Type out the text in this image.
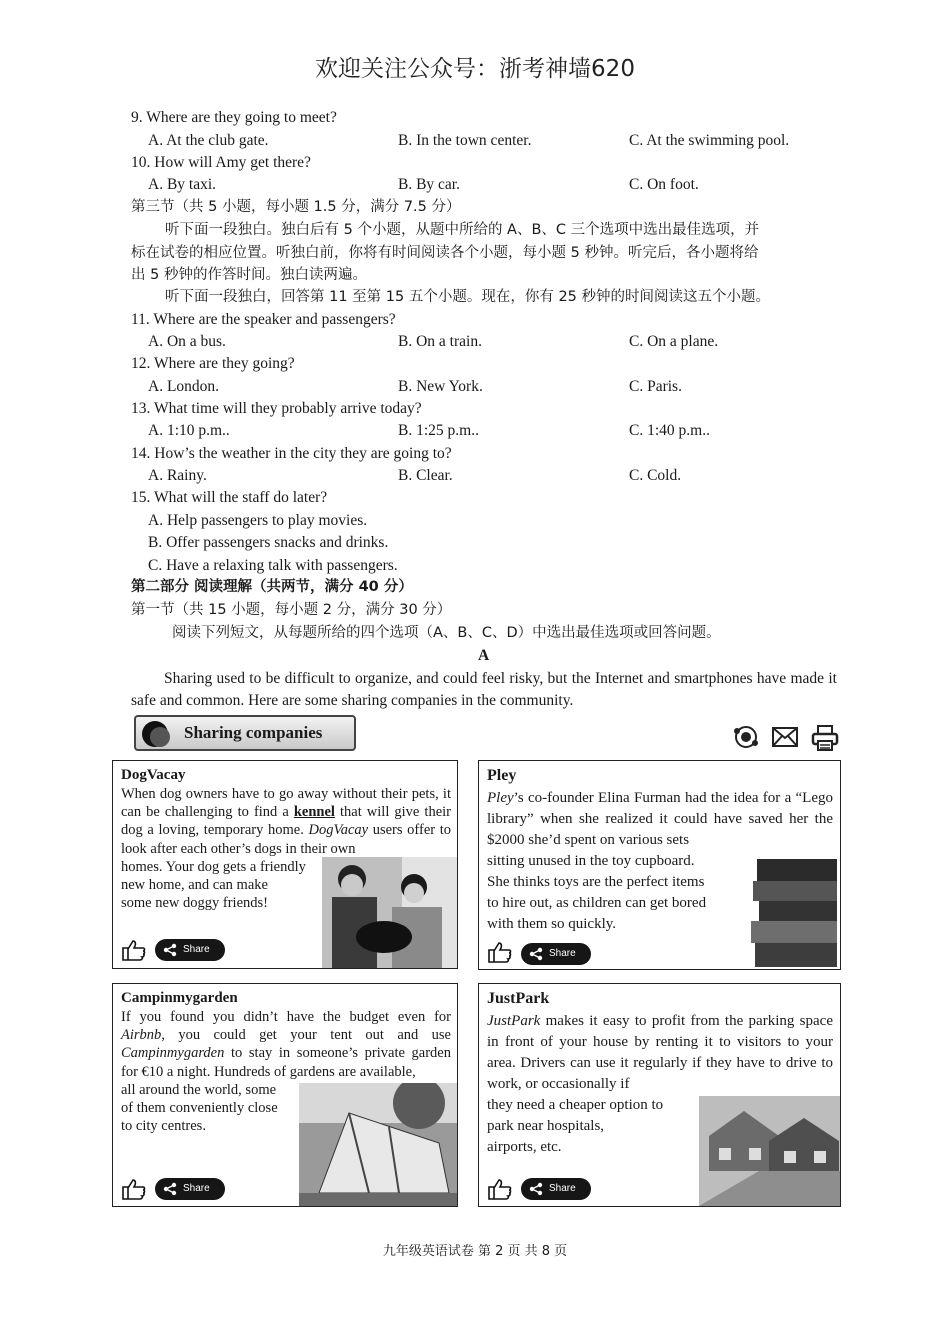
欢迎关注公众号：浙考神墙620
9. Where are they going to meet?
A. At the club gate.	B. In the town center.	C. At the swimming pool.
10. How will Amy get there?
A. By taxi.	B. By car.	C. On foot.
第三节（共 5 小题，每小题 1.5 分，满分 7.5 分）
听下面一段独白。独白后有 5 个小题，从题中所给的 A、B、C 三个选项中选出最佳选项，并
标在试卷的相应位置。听独白前，你将有时间阅读各个小题，每小题 5 秒钟。听完后，各小题将给
出 5 秒钟的作答时间。独白读两遍。
听下面一段独白，回答第 11 至第 15 五个小题。现在，你有 25 秒钟的时间阅读这五个小题。
11. Where are the speaker and passengers?
A. On a bus.	B. On a train.	C. On a plane.
12. Where are they going?
A. London.	B. New York.	C. Paris.
13. What time will they probably arrive today?
A. 1:10 p.m..	B. 1:25 p.m..	C. 1:40 p.m..
14. How’s the weather in the city they are going to?
A. Rainy.	B. Clear.	C. Cold.
15. What will the staff do later?
A. Help passengers to play movies.
B. Offer passengers snacks and drinks.
C. Have a relaxing talk with passengers.
第二部分 阅读理解（共两节，满分 40 分）
第一节（共 15 小题，每小题 2 分，满分 30 分）
阅读下列短文，从每题所给的四个选项（A、B、C、D）中选出最佳选项或回答问题。
A
Sharing used to be difficult to organize, and could feel risky, but the Internet and smartphones have made it safe and common. Here are some sharing companies in the community.
Sharing companies
DogVacay
When dog owners have to go away without their pets, it can be challenging to find a kennel that will give their dog a loving, temporary home. DogVacay users offer to look after each other’s dogs in their own
homes. Your dog gets a friendly
new home, and can make
some new doggy friends!
Share
Pley
Pley’s co-founder Elina Furman had the idea for a “Lego library” when she realized it could have saved her the $2000 she’d spent on various sets
sitting unused in the toy cupboard.
She thinks toys are the perfect items
to hire out, as children can get bored
with them so quickly.
Share
Campinmygarden
If you found you didn’t have the budget even for Airbnb, you could get your tent out and use Campinmygarden to stay in someone’s private garden for €10 a night. Hundreds of gardens are available,
all around the world, some
of them conveniently close
to city centres.
Share
JustPark
JustPark makes it easy to profit from the parking space in front of your house by renting it to visitors to your area. Drivers can use it regularly if they have to drive to work, or occasionally if
they need a cheaper option to
park near hospitals,
airports, etc.
Share
九年级英语试卷 第 2 页 共 8 页
